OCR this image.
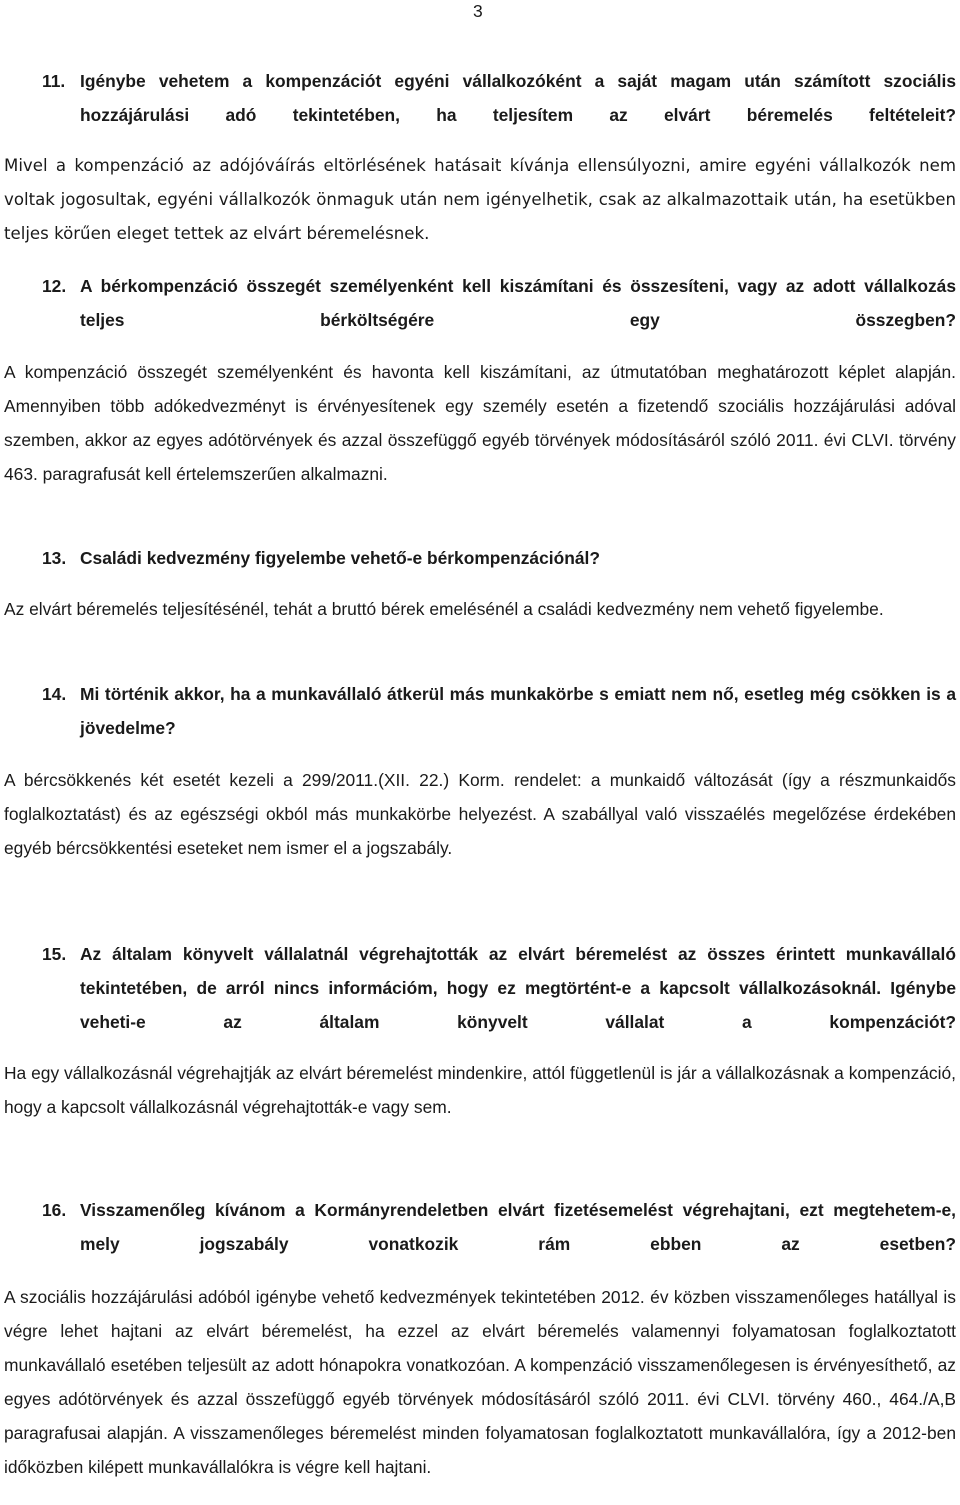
3
11. Igénybe vehetem a kompenzációt egyéni vállalkozóként a saját magam után számított szociális hozzájárulási adó tekintetében, ha teljesítem az elvárt béremelés feltételeit?
Mivel a kompenzáció az adójóváírás eltörlésének hatásait kívánja ellensúlyozni, amire egyéni vállalkozók nem voltak jogosultak, egyéni vállalkozók önmaguk után nem igényelhetik, csak az alkalmazottaik után, ha esetükben teljes körűen eleget tettek az elvárt béremelésnek.
12. A bérkompenzáció összegét személyenként kell kiszámítani és összesíteni, vagy az adott vállalkozás teljes bérköltségére egy összegben?
A kompenzáció összegét személyenként és havonta kell kiszámítani, az útmutatóban meghatározott képlet alapján. Amennyiben több adókedvezményt is érvényesítenek egy személy esetén a fizetendő szociális hozzájárulási adóval szemben, akkor az egyes adótörvények és azzal összefüggő egyéb törvények módosításáról szóló 2011. évi CLVI. törvény 463. paragrafusát kell értelemszerűen alkalmazni.
13. Családi kedvezmény figyelembe vehető-e bérkompenzációnál?
Az elvárt béremelés teljesítésénél, tehát a bruttó bérek emelésénél a családi kedvezmény nem vehető figyelembe.
14. Mi történik akkor, ha a munkavállaló átkerül más munkakörbe s emiatt nem nő, esetleg még csökken is a jövedelme?
A bércsökkenés két esetét kezeli a 299/2011.(XII. 22.) Korm. rendelet: a munkaidő változását (így a részmunkaidős foglalkoztatást) és az egészségi okból más munkakörbe helyezést. A szabállyal való visszaélés megelőzése érdekében egyéb bércsökkentési eseteket nem ismer el a jogszabály.
15. Az általam könyvelt vállalatnál végrehajtották az elvárt béremelést az összes érintett munkavállaló tekintetében, de arról nincs információm, hogy ez megtörtént-e a kapcsolt vállalkozásoknál. Igénybe veheti-e az általam könyvelt vállalat a kompenzációt?
Ha egy vállalkozásnál végrehajtják az elvárt béremelést mindenkire, attól függetlenül is jár a vállalkozásnak a kompenzáció, hogy a kapcsolt vállalkozásnál végrehajtották-e vagy sem.
16. Visszamenőleg kívánom a Kormányrendeletben elvárt fizetésemelést végrehajtani, ezt megtehetem-e, mely jogszabály vonatkozik rám ebben az esetben?
A szociális hozzájárulási adóból igénybe vehető kedvezmények tekintetében 2012. év közben visszamenőleges hatállyal is végre lehet hajtani az elvárt béremelést, ha ezzel az elvárt béremelés valamennyi folyamatosan foglalkoztatott munkavállaló esetében teljesült az adott hónapokra vonatkozóan. A kompenzáció visszamenőlegesen is érvényesíthető, az egyes adótörvények és azzal összefüggő egyéb törvények módosításáról szóló 2011. évi CLVI. törvény 460., 464./A,B paragrafusai alapján. A visszamenőleges béremelést minden folyamatosan foglalkoztatott munkavállalóra, így a 2012-ben időközben kilépett munkavállalókra is végre kell hajtani.
